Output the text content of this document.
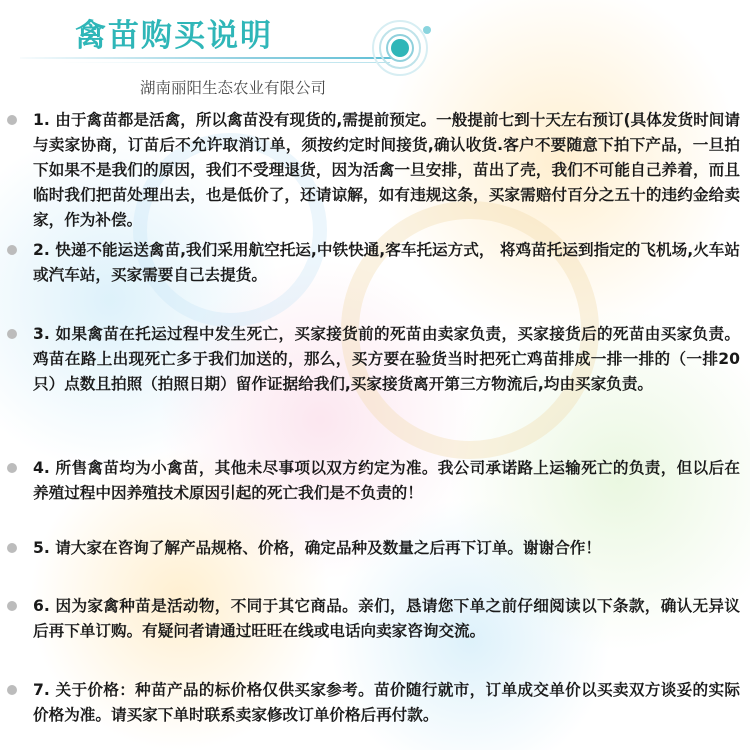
禽苗购买说明
湖南丽阳生态农业有限公司
1. 由于禽苗都是活禽，所以禽苗没有现货的,需提前预定。一般提前七到十天左右预订(具体发货时间请与卖家协商，订苗后不允许取消订单，须按约定时间接货,确认收货.客户不要随意下拍下产品，一旦拍下如果不是我们的原因，我们不受理退货，因为活禽一旦安排，苗出了壳，我们不可能自己养着，而且临时我们把苗处理出去，也是低价了，还请谅解，如有违规这条，买家需赔付百分之五十的违约金给卖家，作为补偿。
2. 快递不能运送禽苗,我们采用航空托运,中铁快通,客车托运方式， 将鸡苗托运到指定的飞机场,火车站或汽车站，买家需要自己去提货。
3. 如果禽苗在托运过程中发生死亡，买家接货前的死苗由卖家负责，买家接货后的死苗由买家负责。鸡苗在路上出现死亡多于我们加送的，那么，买方要在验货当时把死亡鸡苗排成一排一排的（一排20只）点数且拍照（拍照日期）留作证据给我们,买家接货离开第三方物流后,均由买家负责。
4. 所售禽苗均为小禽苗，其他未尽事项以双方约定为准。我公司承诺路上运输死亡的负责，但以后在养殖过程中因养殖技术原因引起的死亡我们是不负责的！
5. 请大家在咨询了解产品规格、价格，确定品种及数量之后再下订单。谢谢合作！
6. 因为家禽种苗是活动物，不同于其它商品。亲们，恳请您下单之前仔细阅读以下条款，确认无异议后再下单订购。有疑问者请通过旺旺在线或电话向卖家咨询交流。
7. 关于价格：种苗产品的标价格仅供买家参考。苗价随行就市，订单成交单价以买卖双方谈妥的实际价格为准。请买家下单时联系卖家修改订单价格后再付款。
